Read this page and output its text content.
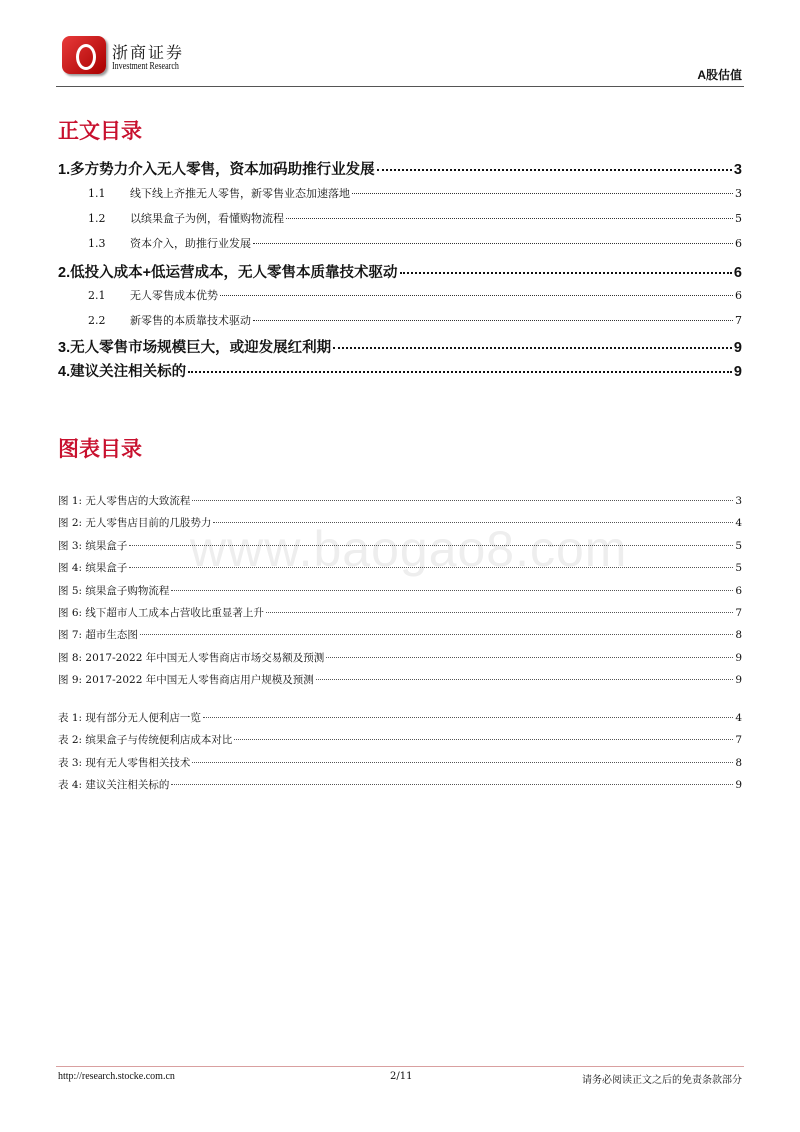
浙商证券
Investment Research
A股估值
www.baogao8.com
正文目录
1.多方势力介入无人零售，资本加码助推行业发展	3
1.1	线下线上齐推无人零售，新零售业态加速落地	3
1.2	以缤果盒子为例，看懂购物流程	5
1.3	资本介入，助推行业发展	6
2.低投入成本+低运营成本，无人零售本质靠技术驱动	6
2.1	无人零售成本优势	6
2.2	新零售的本质靠技术驱动	7
3.无人零售市场规模巨大，或迎发展红利期	9
4.建议关注相关标的	9
图表目录
图 1: 无人零售店的大致流程	3
图 2: 无人零售店目前的几股势力	4
图 3: 缤果盒子	5
图 4: 缤果盒子	5
图 5: 缤果盒子购物流程	6
图 6: 线下超市人工成本占营收比重显著上升	7
图 7: 超市生态图	8
图 8: 2017-2022 年中国无人零售商店市场交易额及预测	9
图 9: 2017-2022 年中国无人零售商店用户规模及预测	9
表 1: 现有部分无人便利店一览	4
表 2: 缤果盒子与传统便利店成本对比	7
表 3: 现有无人零售相关技术	8
表 4: 建议关注相关标的	9
http://research.stocke.com.cn	2/11	请务必阅读正文之后的免责条款部分
